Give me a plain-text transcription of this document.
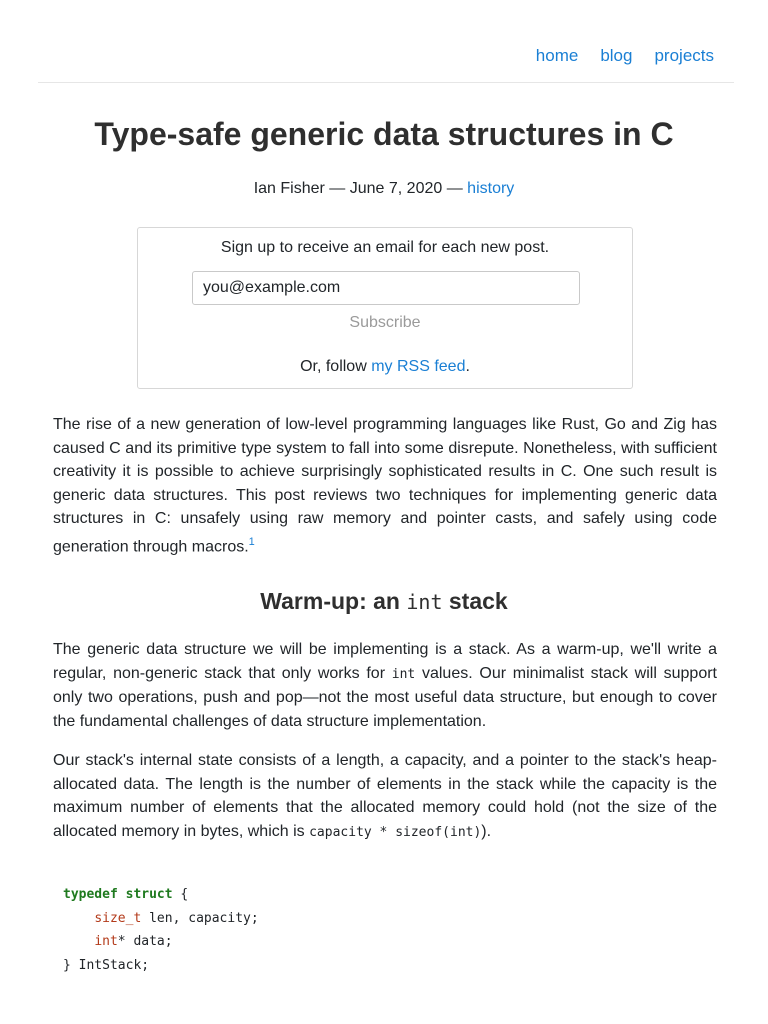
home blog projects
Type-safe generic data structures in C
Ian Fisher — June 7, 2020 — history
Sign up to receive an email for each new post.
you@example.com
Subscribe
Or, follow my RSS feed.

The rise of a new generation of low-level programming languages like Rust, Go and Zig has caused C and its primitive type system to fall into some disrepute. Nonetheless, with sufficient creativity it is possible to achieve surprisingly sophisticated results in C. One such result is generic data structures. This post reviews two techniques for implementing generic data structures in C: unsafely using raw memory and pointer casts, and safely using code generation through macros.$^1$

Warm-up: an int stack

The generic data structure we will be implementing is a stack. As a warm-up, we'll write a regular, non-generic stack that only works for int values. Our minimalist stack will support only two operations, push and pop—not the most useful data structure, but enough to cover the fundamental challenges of data structure implementation.

Our stack's internal state consists of a length, a capacity, and a pointer to the stack's heap-allocated data. The length is the number of elements in the stack while the capacity is the maximum number of elements that the allocated memory could hold (not the size of the allocated memory in bytes, which is capacity * sizeof(int)).

typedef struct {
size_t len, capacity;
int* data;
} IntStack;
